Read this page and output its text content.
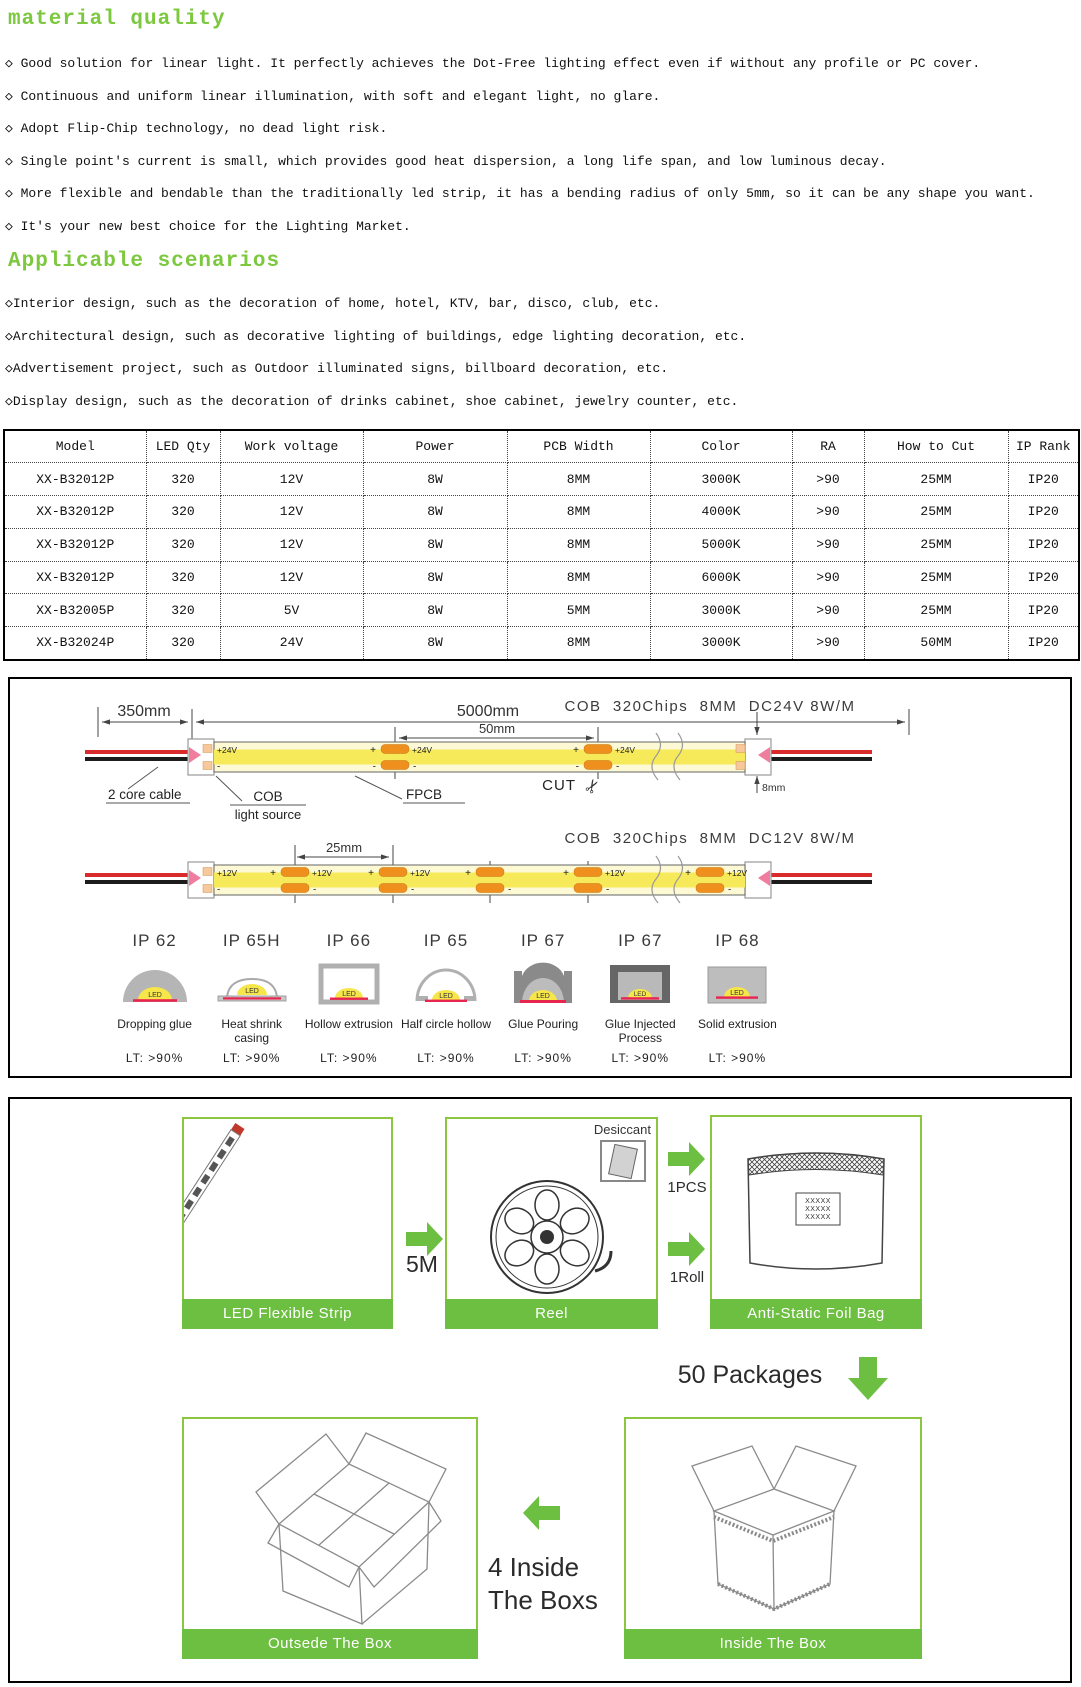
material quality
◇ Good solution for linear light. It perfectly achieves the Dot-Free lighting effect even if without any profile or PC cover.
◇ Continuous and uniform linear illumination, with soft and elegant light, no glare.
◇ Adopt Flip-Chip technology, no dead light risk.
◇ Single point's current is small, which provides good heat dispersion, a long life span, and low luminous decay.
◇ More flexible and bendable than the traditionally led strip, it has a bending radius of only 5mm, so it can be any shape you want.
◇ It's your new best choice for the Lighting Market.
Applicable scenarios
◇Interior design, such as the decoration of home, hotel, KTV, bar, disco, club, etc.
◇Architectural design, such as decorative lighting of buildings, edge lighting decoration, etc.
◇Advertisement project, such as Outdoor illuminated signs, billboard decoration, etc.
◇Display design, such as the decoration of drinks cabinet, shoe cabinet, jewelry counter, etc.
Model	LED Qty	Work voltage	Power	PCB Width	Color	RA	How to Cut	IP Rank
XX-B32012P	320	12V	8W	8MM	3000K	>90	25MM	IP20
XX-B32012P	320	12V	8W	8MM	4000K	>90	25MM	IP20
XX-B32012P	320	12V	8W	8MM	5000K	>90	25MM	IP20
XX-B32012P	320	12V	8W	8MM	6000K	>90	25MM	IP20
XX-B32005P	320	5V	8W	5MM	3000K	>90	25MM	IP20
XX-B32024P	320	24V	8W	8MM	3000K	>90	50MM	IP20
COB  320Chips  8MM  DC24V 8W/M
350mm	5000mm
50mm
8mm
+24V
-
+	+24V
-	-
+	+24V
-	-
CUT ✂
2 core cable	COB
light source
FPCB
COB  320Chips  8MM  DC12V 8W/M
25mm
+12V
-
+	+12V
-
+	+12V
-
+
-
+	+12V
-
+	+12V
-
IP 62
LED
Dropping glue
LT: >90%
IP 65H
LED
Heat shrink casing
LT: >90%
IP 66
LED
Hollow extrusion
LT: >90%
IP 65
LED
Half circle hollow
LT: >90%
IP 67
LED
Glue Pouring
LT: >90%
IP 67
LED
Glue Injected Process
LT: >90%
IP 68
LED
Solid extrusion
LT: >90%
LED Flexible Strip
5M
Desiccant
Reel
1PCS
1Roll
XXXXX
XXXXX
XXXXX
Anti-Static Foil Bag
50 Packages
Outsede The Box
4 Inside
The Boxs
Inside The Box
